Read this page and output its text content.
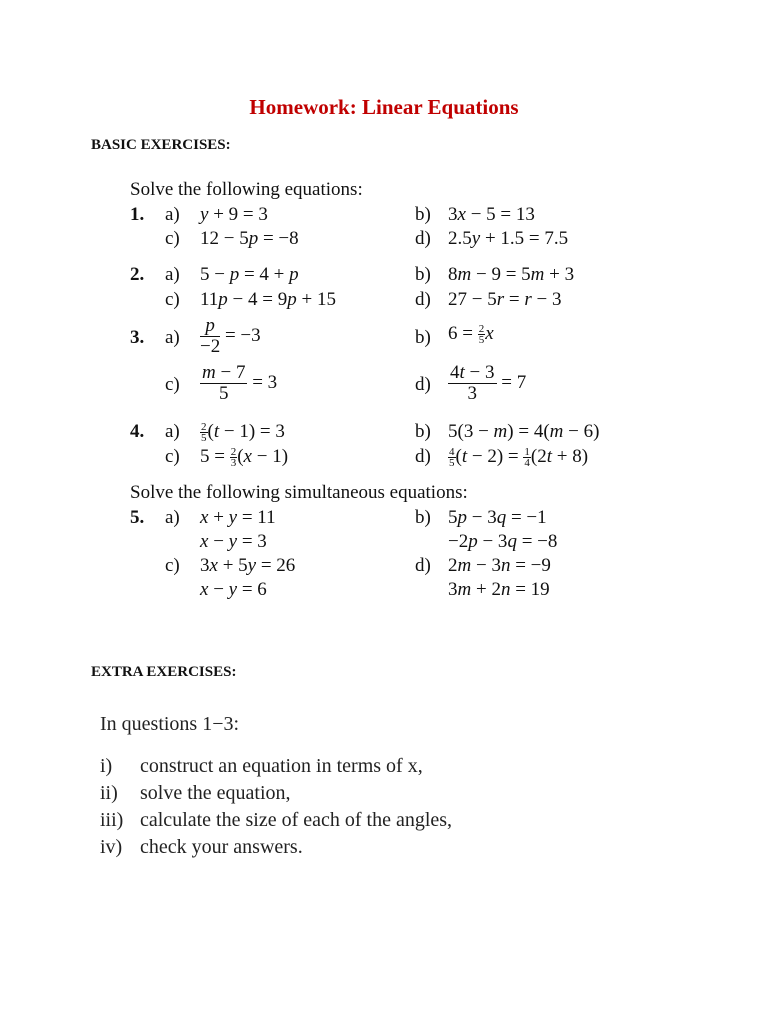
Homework: Linear Equations
BASIC EXERCISES:
Solve the following equations:
1. a) y + 9 = 3
c) 12 − 5p = −8
b) 3x − 5 = 13
d) 2.5y + 1.5 = 7.5
2. a) 5 − p = 4 + p
c) 11p − 4 = 9p + 15
b) 8m − 9 = 5m + 3
d) 27 − 5r = r − 3
3. $a) \frac{p}{-2} = -3$	b) $6 = \frac{2}{5}$ x
$c) \frac{m - 7}{5} = 3$	$d) \frac{4t - 3}{3} = 7$
4. $a) \frac{2}{5} (t - 1) = 3$
c) $5 = \frac{2}{3} (x - 1)$
b) 5(3 − m) = 4(m − 6)
$d) \frac{4}{5} (t - 2) = \frac{1}{4} (2t + 8)$
Solve the following simultaneous equations:
5. a) x + y = 11
x − y = 3
c) 3x + 5y = 26
x − y = 6
b) 5p − 3q = −1
−2p − 3q = −8
d) 2m − 3n = −9
3m + 2n = 19
EXTRA EXERCISES:
In questions 1−3:
i) construct an equation in terms of x,
ii) solve the equation,
iii) calculate the size of each of the angles,
iv) check your answers.
